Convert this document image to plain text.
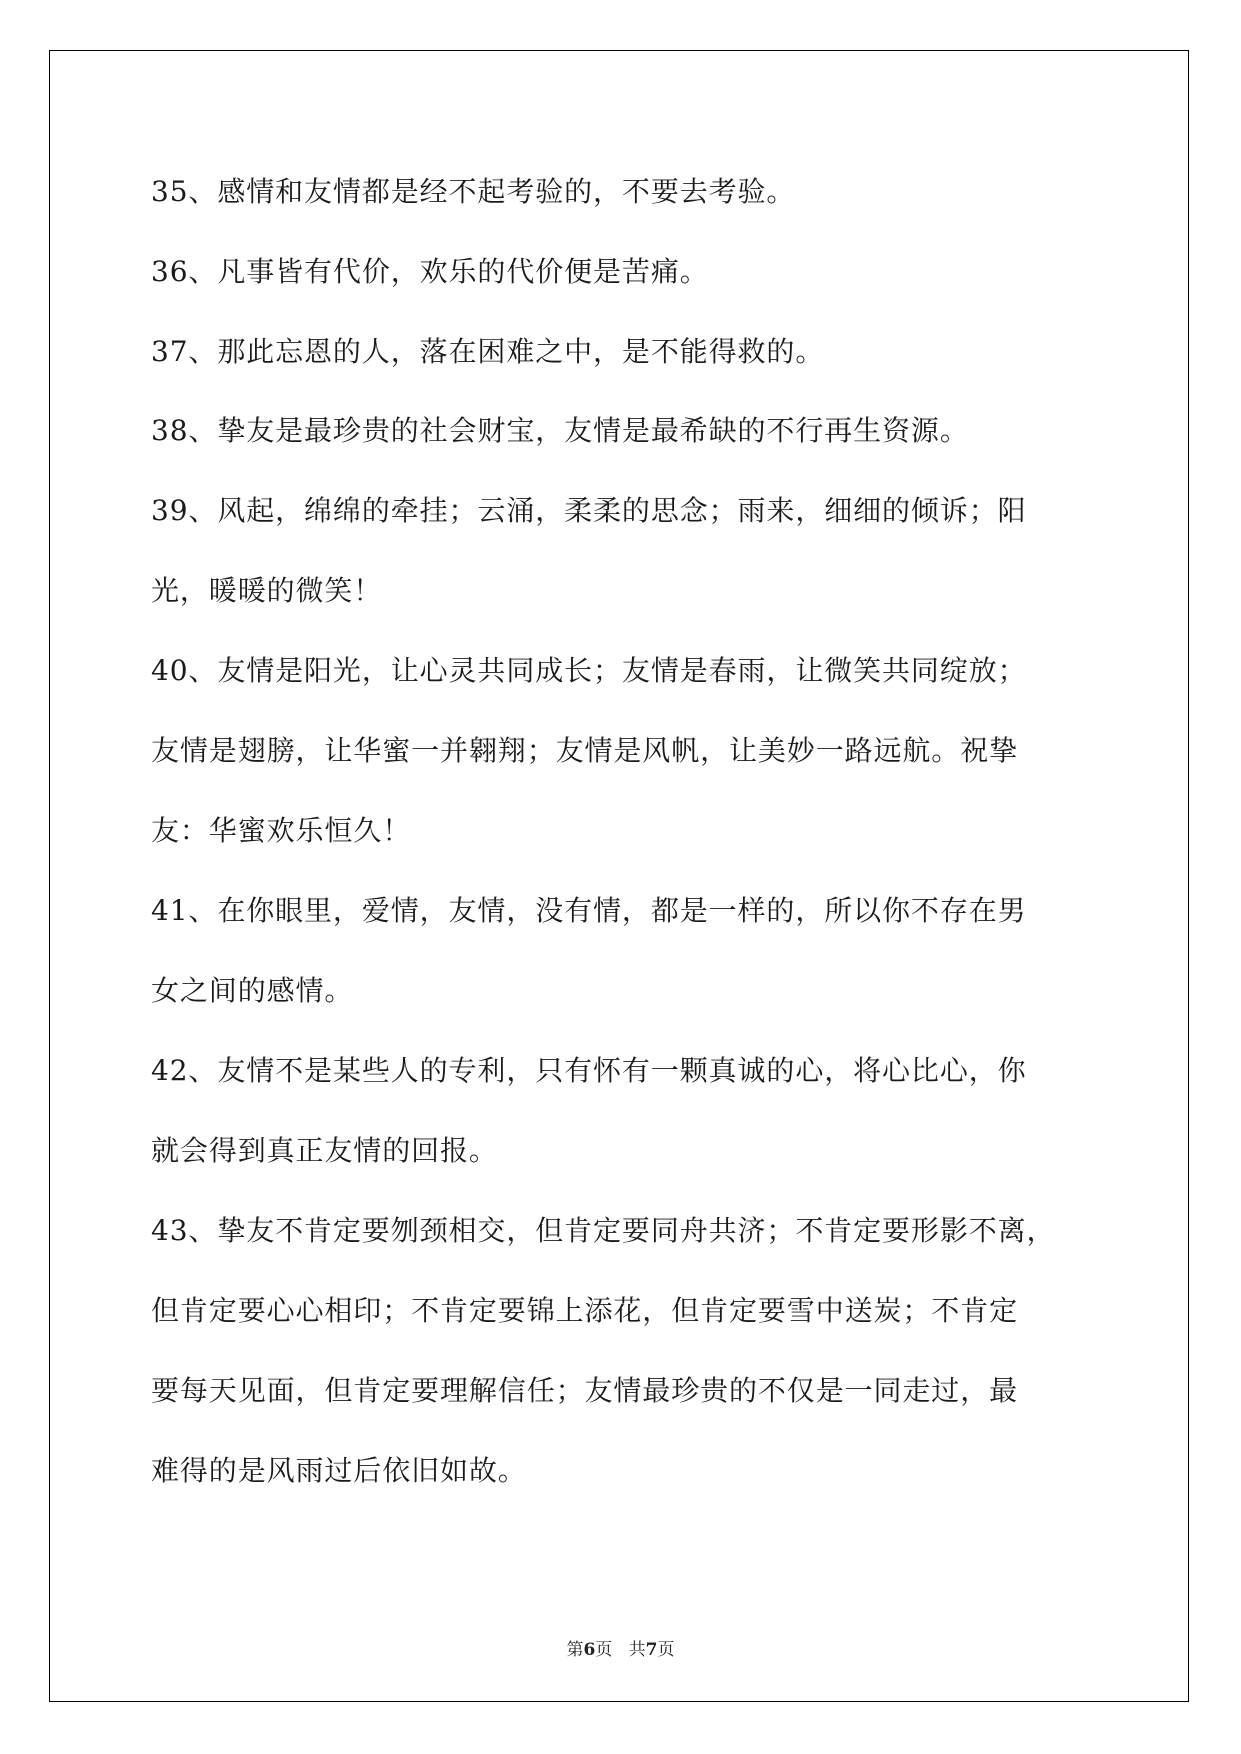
35、感情和友情都是经不起考验的，不要去考验。
36、凡事皆有代价，欢乐的代价便是苦痛。
37、那此忘恩的人，落在困难之中，是不能得救的。
38、挚友是最珍贵的社会财宝，友情是最希缺的不行再生资源。
39、风起，绵绵的牵挂；云涌，柔柔的思念；雨来，细细的倾诉；阳
光，暖暖的微笑！
40、友情是阳光，让心灵共同成长；友情是春雨，让微笑共同绽放；
友情是翅膀，让华蜜一并翱翔；友情是风帆，让美妙一路远航。祝挚
友：华蜜欢乐恒久！
41、在你眼里，爱情，友情，没有情，都是一样的，所以你不存在男
女之间的感情。
42、友情不是某些人的专利，只有怀有一颗真诚的心，将心比心，你
就会得到真正友情的回报。
43、挚友不肯定要刎颈相交，但肯定要同舟共济；不肯定要形影不离，
但肯定要心心相印；不肯定要锦上添花，但肯定要雪中送炭；不肯定
要每天见面，但肯定要理解信任；友情最珍贵的不仅是一同走过，最
难得的是风雨过后依旧如故。
第6页 共7页
